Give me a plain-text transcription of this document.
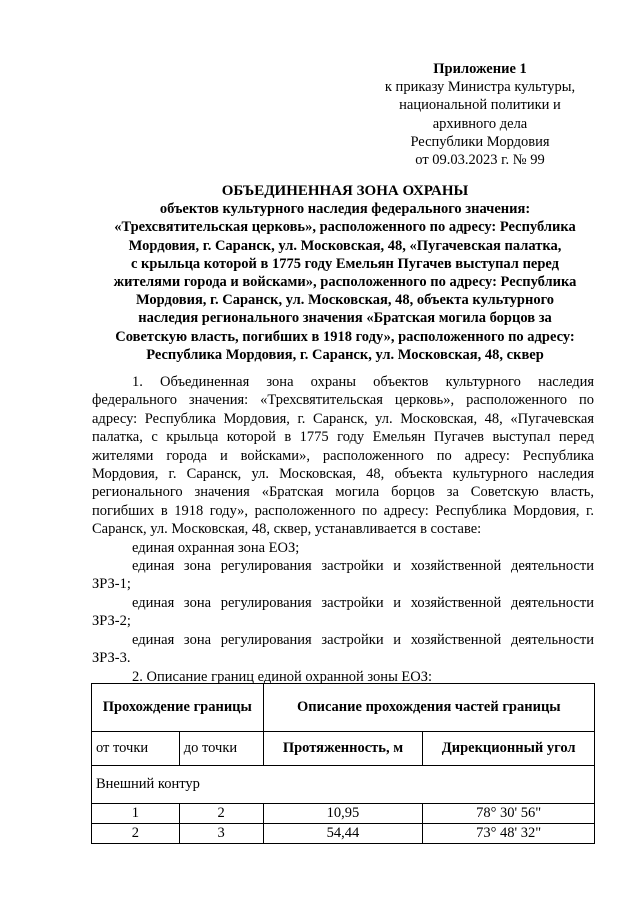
Приложение 1
к приказу Министра культуры,
национальной политики и
архивного дела
Республики Мордовия
от 09.03.2023 г. № 99
ОБЪЕДИНЕННАЯ ЗОНА ОХРАНЫ
объектов культурного наследия федерального значения:
«Трехсвятительская церковь», расположенного по адресу: Республика
Мордовия, г. Саранск, ул. Московская, 48, «Пугачевская палатка,
с крыльца которой в 1775 году Емельян Пугачев выступал перед
жителями города и войсками», расположенного по адресу: Республика
Мордовия, г. Саранск, ул. Московская, 48, объекта культурного
наследия регионального значения «Братская могила борцов за
Советскую власть, погибших в 1918 году», расположенного по адресу:
Республика Мордовия, г. Саранск, ул. Московская, 48, сквер

1. Объединенная зона охраны объектов культурного наследия федерального значения: «Трехсвятительская церковь», расположенного по адресу: Республика Мордовия, г. Саранск, ул. Московская, 48, «Пугачевская палатка, с крыльца которой в 1775 году Емельян Пугачев выступал перед жителями города и войсками», расположенного по адресу: Республика Мордовия, г. Саранск, ул. Московская, 48, объекта культурного наследия регионального значения «Братская могила борцов за Советскую власть, погибших в 1918 году», расположенного по адресу: Республика Мордовия, г. Саранск, ул. Московская, 48, сквер, устанавливается в составе:

единая охранная зона ЕОЗ;

единая зона регулирования застройки и хозяйственной деятельности ЗРЗ-1;

единая зона регулирования застройки и хозяйственной деятельности ЗРЗ-2;

единая зона регулирования застройки и хозяйственной деятельности ЗРЗ-3.

2. Описание границ единой охранной зоны ЕОЗ:

Прохождение границы		Описание прохождения частей границы	
от точки	до точки	Протяженность, м	Дирекционный угол
Внешний контур			
1	2	10,95	78° 30' 56"
2	3	54,44	73° 48' 32"
